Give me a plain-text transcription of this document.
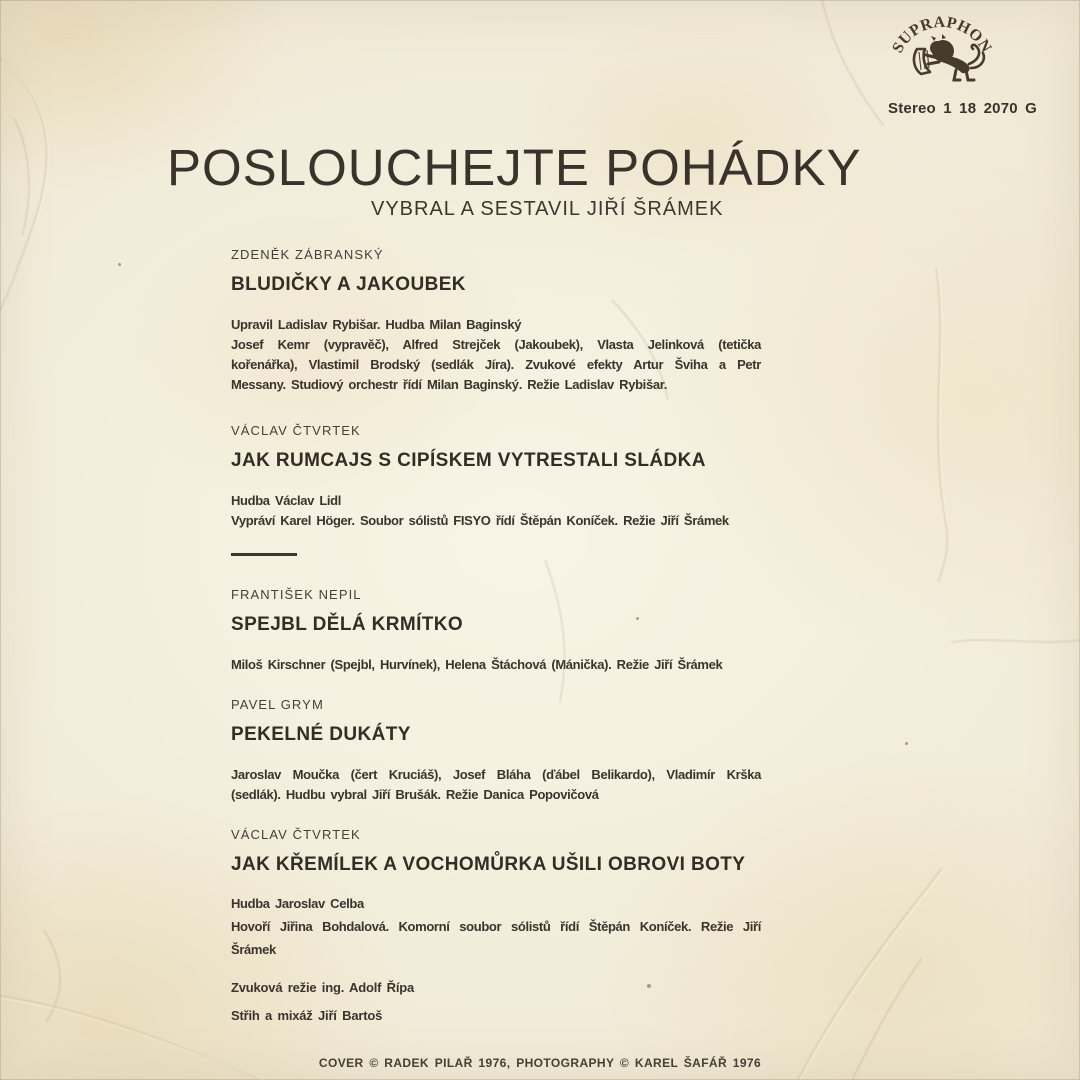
SUPRAPHON
Stereo 1 18 2070 G
POSLOUCHEJTE POHÁDKY
VYBRAL A SESTAVIL JIŘÍ ŠRÁMEK
ZDENĚK ZÁBRANSKÝ
BLUDIČKY A JAKOUBEK
Upravil Ladislav Rybišar. Hudba Milan Baginský
Josef Kemr (vypravěč), Alfred Strejček (Jakoubek), Vlasta Jelinková (tetička
kořenářka), Vlastimil Brodský (sedlák Jíra). Zvukové efekty Artur Šviha a Petr
Messany. Studiový orchestr řídí Milan Baginský. Režie Ladislav Rybišar.
VÁCLAV ČTVRTEK
JAK RUMCAJS S CIPÍSKEM VYTRESTALI SLÁDKA
Hudba Václav Lidl
Vypráví Karel Höger. Soubor sólistů FISYO řídí Štěpán Koníček. Režie Jiří Šrámek
FRANTIŠEK NEPIL
SPEJBL DĚLÁ KRMÍTKO
Miloš Kirschner (Spejbl, Hurvínek), Helena Štáchová (Mánička). Režie Jiří Šrámek
PAVEL GRYM
PEKELNÉ DUKÁTY
Jaroslav Moučka (čert Kruciáš), Josef Bláha (ďábel Belikardo), Vladimír Krška
(sedlák). Hudbu vybral Jiří Brušák. Režie Danica Popovičová
VÁCLAV ČTVRTEK
JAK KŘEMÍLEK A VOCHOMŮRKA UŠILI OBROVI BOTY
Hudba Jaroslav Celba
Hovoří Jiřina Bohdalová. Komorní soubor sólistů řídí Štěpán Koníček. Režie Jiří
Šrámek
Zvuková režie ing. Adolf Řípa
Střih a mixáž Jiří Bartoš
COVER © RADEK PILAŘ 1976, PHOTOGRAPHY © KAREL ŠAFÁŘ 1976
